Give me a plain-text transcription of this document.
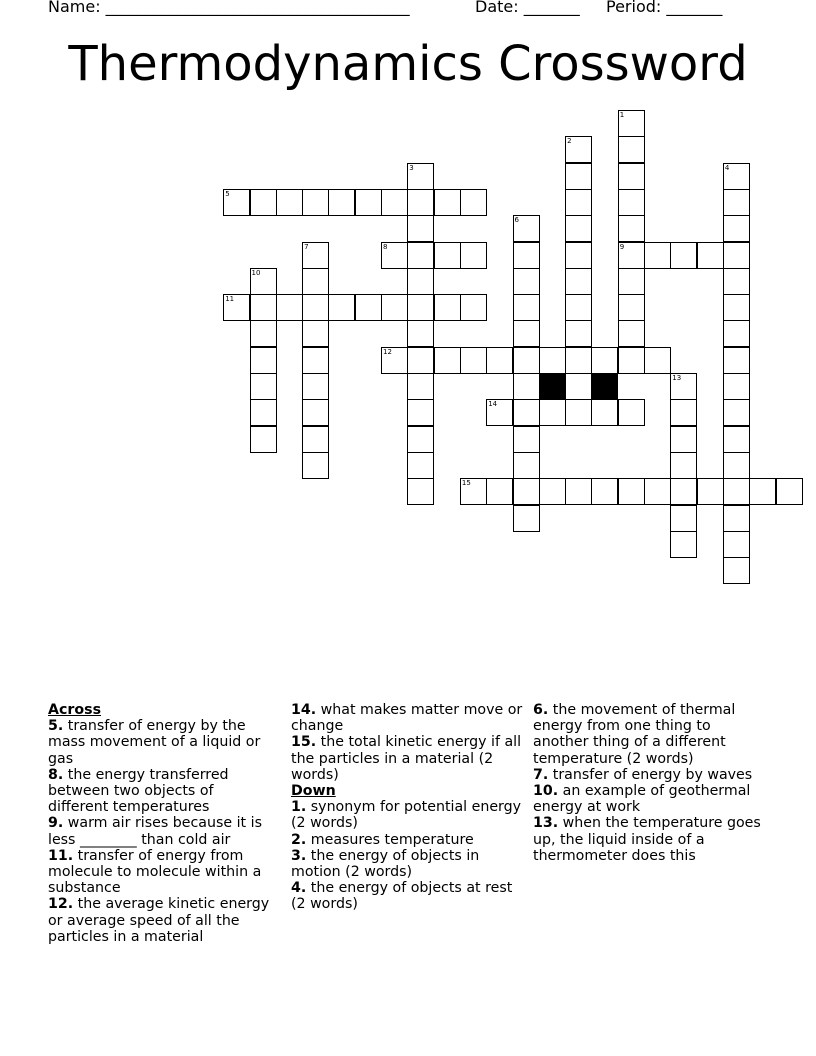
Name: ______________________________________	Date: _______ Period: _______
Thermodynamics Crossword
1
9
2
3	4
5
6
7	8
10
11
12
13
14
15
Across
5. transfer of energy by the mass movement of a liquid or gas
8. the energy transferred between two objects of different temperatures
9. warm air rises because it is less ________ than cold air
11. transfer of energy from molecule to molecule within a substance
12. the average kinetic energy or average speed of all the particles in a material
14. what makes matter move or change
15. the total kinetic energy if all the particles in a material (2 words)
Down
1. synonym for potential energy (2 words)
2. measures temperature
3. the energy of objects in motion (2 words)
4. the energy of objects at rest (2 words)
6. the movement of thermal energy from one thing to another thing of a different temperature (2 words)
7. transfer of energy by waves
10. an example of geothermal energy at work
13. when the temperature goes up, the liquid inside of a thermometer does this
